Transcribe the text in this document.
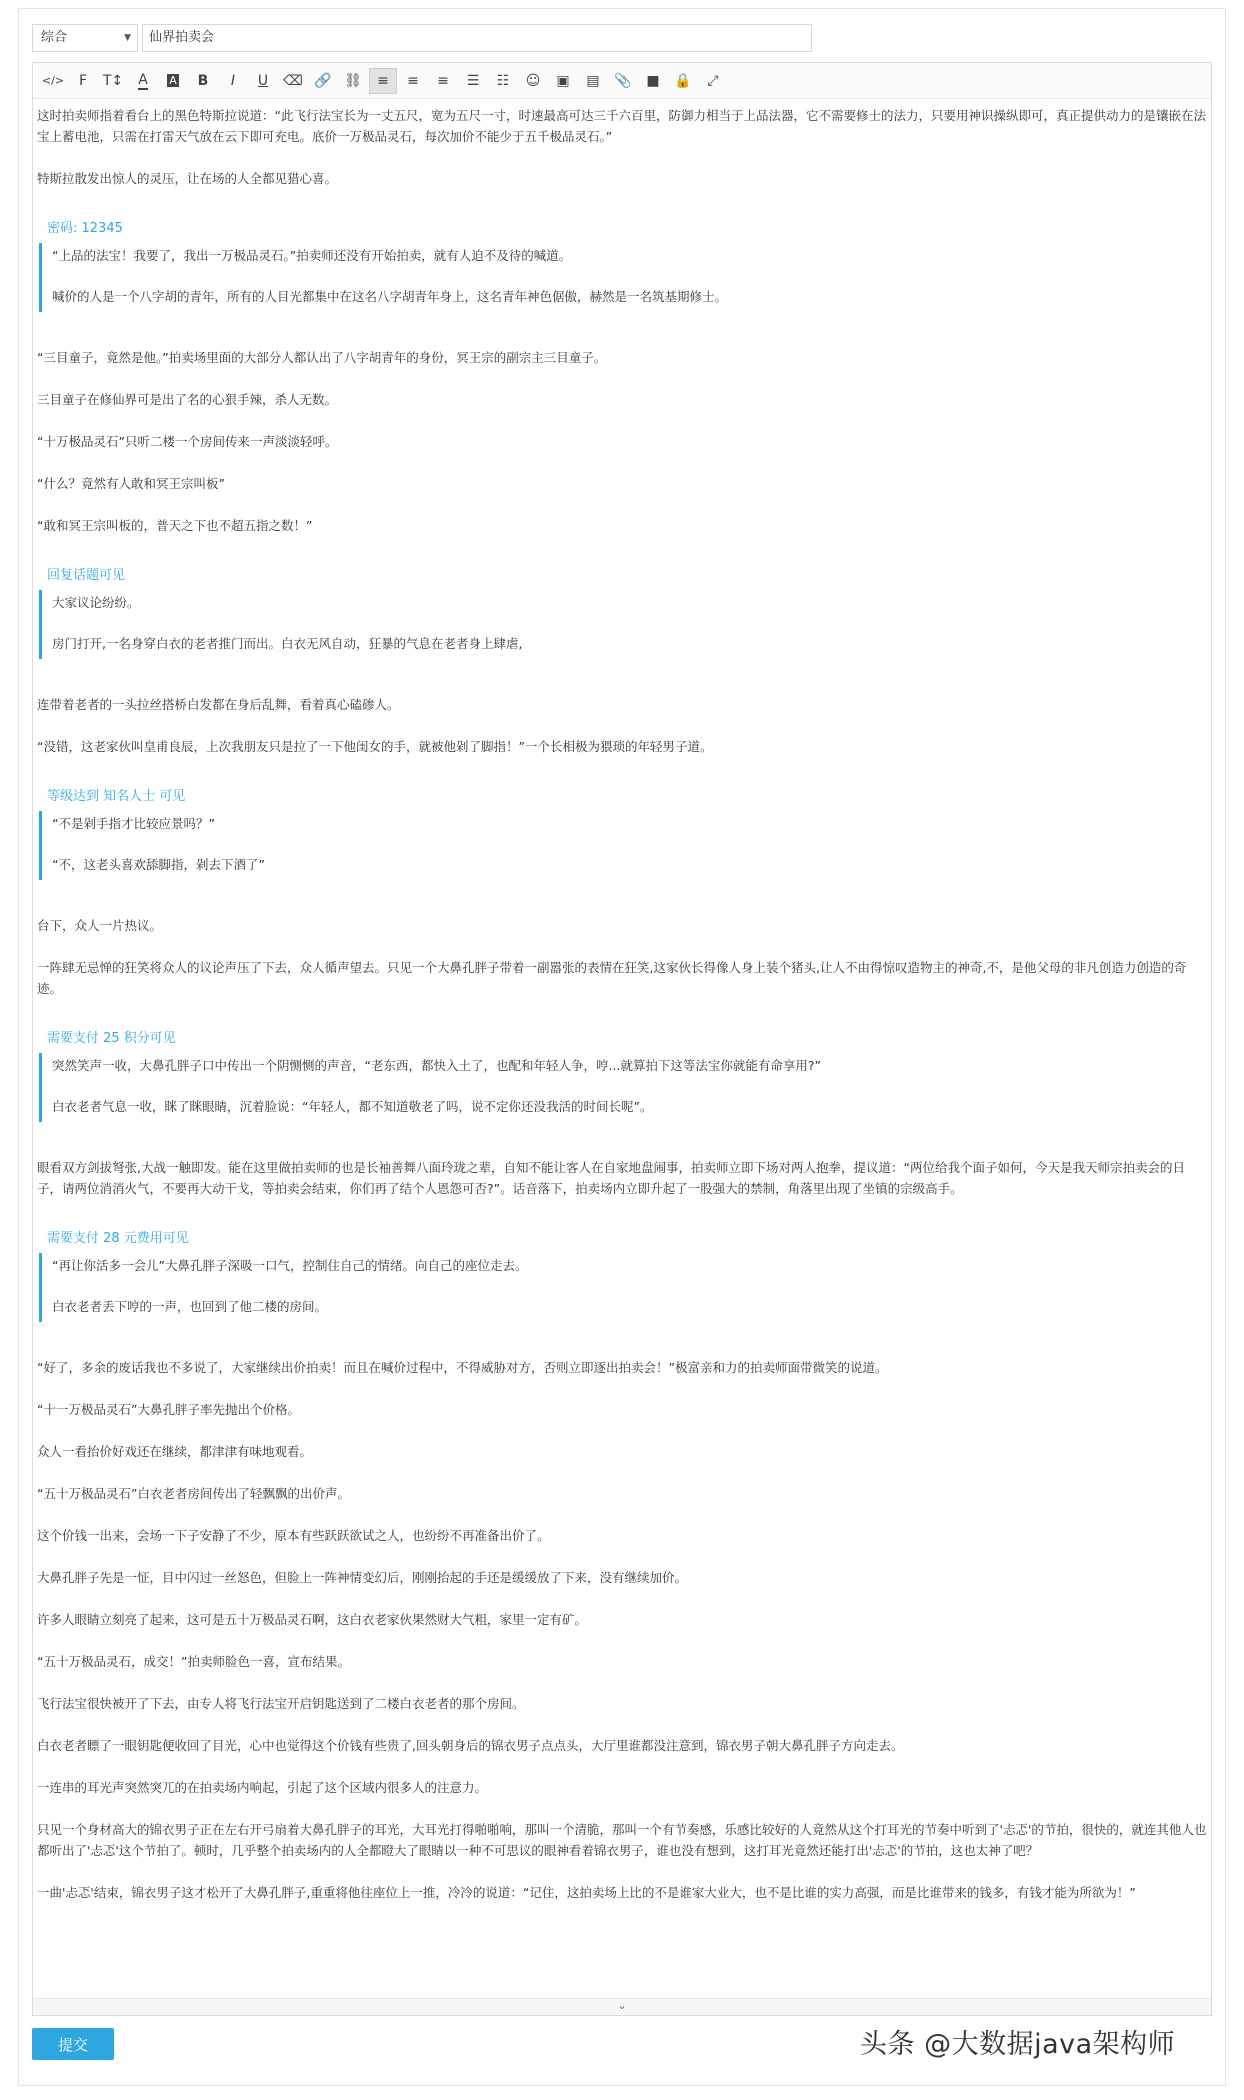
综合	▼	仙界拍卖会
</> F T↕ A A B I U ⌫ 🔗 ⛓ ≡ ≡ ≡ ☰ ☷ ☺ ▣ ▤ 📎 ■ 🔒 ⤢

这时拍卖师指着看台上的黑色特斯拉说道：“此飞行法宝长为一丈五尺，宽为五尺一寸，时速最高可达三千六百里，防御力相当于上品法器，它不需要修士的法力，只要用神识操纵即可，真正提供动力的是镶嵌在法宝上蓄电池，只需在打雷天气放在云下即可充电。底价一万极品灵石，每次加价不能少于五千极品灵石。”

特斯拉散发出惊人的灵压，让在场的人全都见猎心喜。

密码: 12345

“上品的法宝！我要了，我出一万极品灵石。”拍卖师还没有开始拍卖，就有人迫不及待的喊道。

喊价的人是一个八字胡的青年，所有的人目光都集中在这名八字胡青年身上，这名青年神色倨傲，赫然是一名筑基期修士。

“三目童子，竟然是他。”拍卖场里面的大部分人都认出了八字胡青年的身份，冥王宗的副宗主三目童子。

三目童子在修仙界可是出了名的心狠手辣，杀人无数。

“十万极品灵石”只听二楼一个房间传来一声淡淡轻呼。

“什么？竟然有人敢和冥王宗叫板”

“敢和冥王宗叫板的，普天之下也不超五指之数！”

回复话题可见

大家议论纷纷。

房门打开,一名身穿白衣的老者推门而出。白衣无风自动，狂暴的气息在老者身上肆虐,

连带着老者的一头拉丝搭桥白发都在身后乱舞，看着真心磕碜人。

“没错，这老家伙叫皇甫良辰，上次我朋友只是拉了一下他闺女的手，就被他剁了脚指！”一个长相极为猥琐的年轻男子道。

等级达到 知名人士 可见

“不是剁手指才比较应景吗？”

“不，这老头喜欢舔脚指，剁去下酒了”

台下，众人一片热议。

一阵肆无忌惮的狂笑将众人的议论声压了下去，众人循声望去。只见一个大鼻孔胖子带着一副嚣张的表情在狂笑,这家伙长得像人身上装个猪头,让人不由得惊叹造物主的神奇,不，是他父母的非凡创造力创造的奇迹。

需要支付 25 积分可见

突然笑声一收，大鼻孔胖子口中传出一个阴恻恻的声音，“老东西，都快入土了，也配和年轻人争，哼...就算拍下这等法宝你就能有命享用?”

白衣老者气息一收，眯了眯眼睛，沉着脸说：“年轻人，都不知道敬老了吗，说不定你还没我活的时间长呢”。

眼看双方剑拔弩张,大战一触即发。能在这里做拍卖师的也是长袖善舞八面玲珑之辈，自知不能让客人在自家地盘闹事，拍卖师立即下场对两人抱拳，提议道：“两位给我个面子如何，今天是我天师宗拍卖会的日子，请两位消消火气，不要再大动干戈，等拍卖会结束，你们再了结个人恩怨可否?”。话音落下，拍卖场内立即升起了一股强大的禁制，角落里出现了坐镇的宗级高手。

需要支付 28 元费用可见

“再让你活多一会儿”大鼻孔胖子深吸一口气，控制住自己的情绪。向自己的座位走去。

白衣老者丢下哼的一声，也回到了他二楼的房间。

“好了，多余的废话我也不多说了，大家继续出价拍卖！而且在喊价过程中，不得威胁对方，否则立即逐出拍卖会！”极富亲和力的拍卖师面带微笑的说道。

“十一万极品灵石”大鼻孔胖子率先抛出个价格。

众人一看抬价好戏还在继续，都津津有味地观看。

“五十万极品灵石”白衣老者房间传出了轻飘飘的出价声。

这个价钱一出来，会场一下子安静了不少，原本有些跃跃欲试之人，也纷纷不再准备出价了。

大鼻孔胖子先是一怔，目中闪过一丝怒色，但脸上一阵神情变幻后，刚刚抬起的手还是缓缓放了下来，没有继续加价。

许多人眼睛立刻亮了起来，这可是五十万极品灵石啊，这白衣老家伙果然财大气粗，家里一定有矿。

“五十万极品灵石，成交！”拍卖师脸色一喜，宣布结果。

飞行法宝很快被开了下去，由专人将飞行法宝开启钥匙送到了二楼白衣老者的那个房间。

白衣老者瞟了一眼钥匙便收回了目光，心中也觉得这个价钱有些贵了,回头朝身后的锦衣男子点点头，大厅里谁都没注意到，锦衣男子朝大鼻孔胖子方向走去。

一连串的耳光声突然突兀的在拍卖场内响起，引起了这个区域内很多人的注意力。

只见一个身材高大的锦衣男子正在左右开弓扇着大鼻孔胖子的耳光，大耳光打得啪啪响，那叫一个清脆，那叫一个有节奏感，乐感比较好的人竟然从这个打耳光的节奏中听到了'忐忑'的节拍，很快的，就连其他人也都听出了'忐忑'这个节拍了。顿时，几乎整个拍卖场内的人全都瞪大了眼睛以一种不可思议的眼神看着锦衣男子，谁也没有想到，这打耳光竟然还能打出'忐忑'的节拍，这也太神了吧？

一曲'忐忑'结束，锦衣男子这才松开了大鼻孔胖子,重重将他往座位上一推，冷冷的说道：“记住，这拍卖场上比的不是谁家大业大，也不是比谁的实力高强，而是比谁带来的钱多，有钱才能为所欲为！”

⌄
提交	头条 @大数据java架构师
